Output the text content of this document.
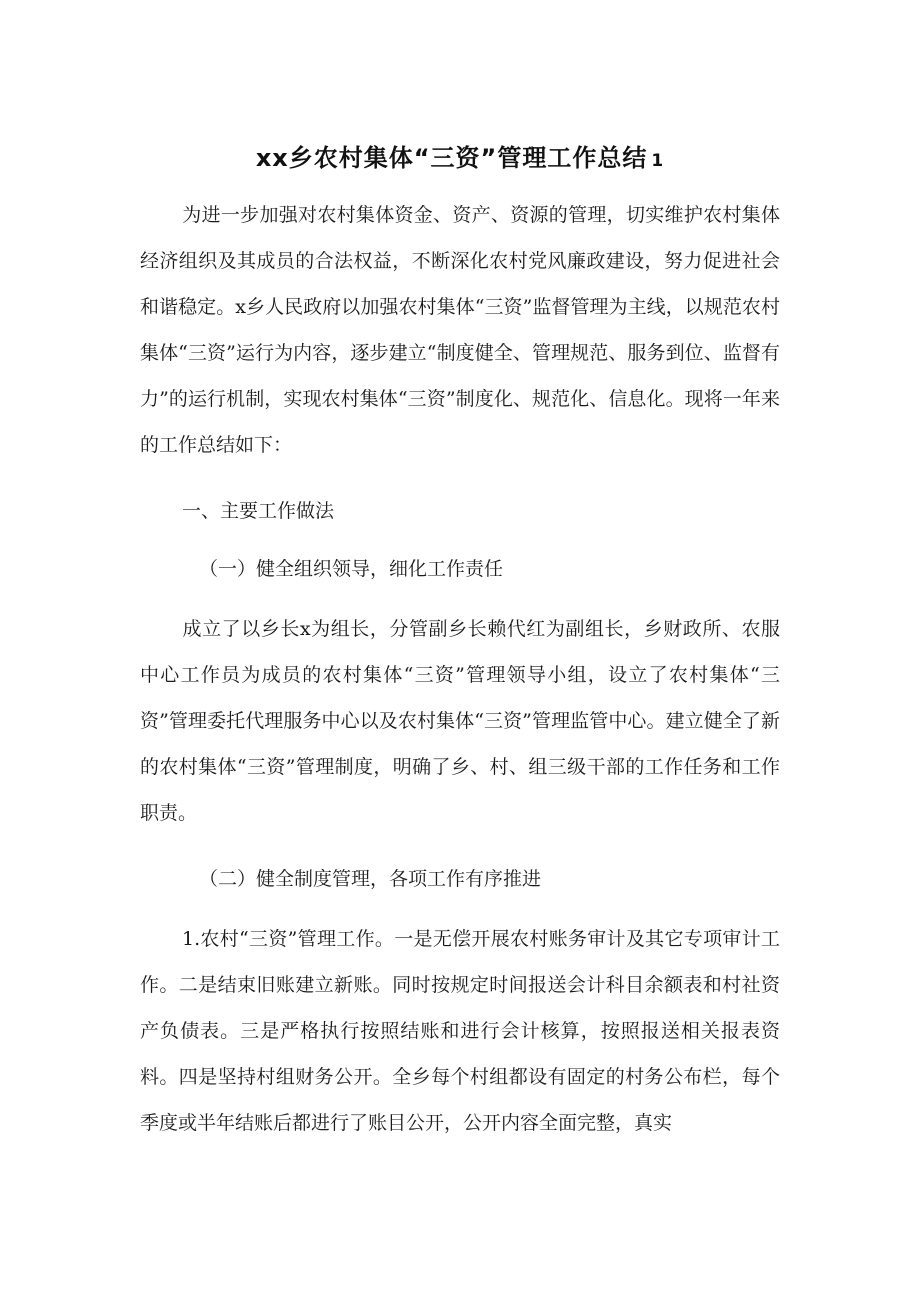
xx乡农村集体“三资”管理工作总结 1
为进一步加强对农村集体资金、资产、资源的管理，切实维护农村集体经济组织及其成员的合法权益，不断深化农村党风廉政建设，努力促进社会和谐稳定。x乡人民政府以加强农村集体“三资”监督管理为主线，以规范农村集体“三资”运行为内容，逐步建立“制度健全、管理规范、服务到位、监督有力”的运行机制，实现农村集体“三资”制度化、规范化、信息化。现将一年来的工作总结如下：
一、主要工作做法
（一）健全组织领导，细化工作责任
成立了以乡长x为组长，分管副乡长赖代红为副组长，乡财政所、农服中心工作员为成员的农村集体“三资”管理领导小组，设立了农村集体“三资”管理委托代理服务中心以及农村集体“三资”管理监管中心。建立健全了新的农村集体“三资”管理制度，明确了乡、村、组三级干部的工作任务和工作职责。
（二）健全制度管理，各项工作有序推进
1.农村“三资”管理工作。一是无偿开展农村账务审计及其它专项审计工作。二是结束旧账建立新账。同时按规定时间报送会计科目余额表和村社资产负债表。三是严格执行按照结账和进行会计核算，按照报送相关报表资料。四是坚持村组财务公开。全乡每个村组都设有固定的村务公布栏，每个季度或半年结账后都进行了账目公开，公开内容全面完整，真实
